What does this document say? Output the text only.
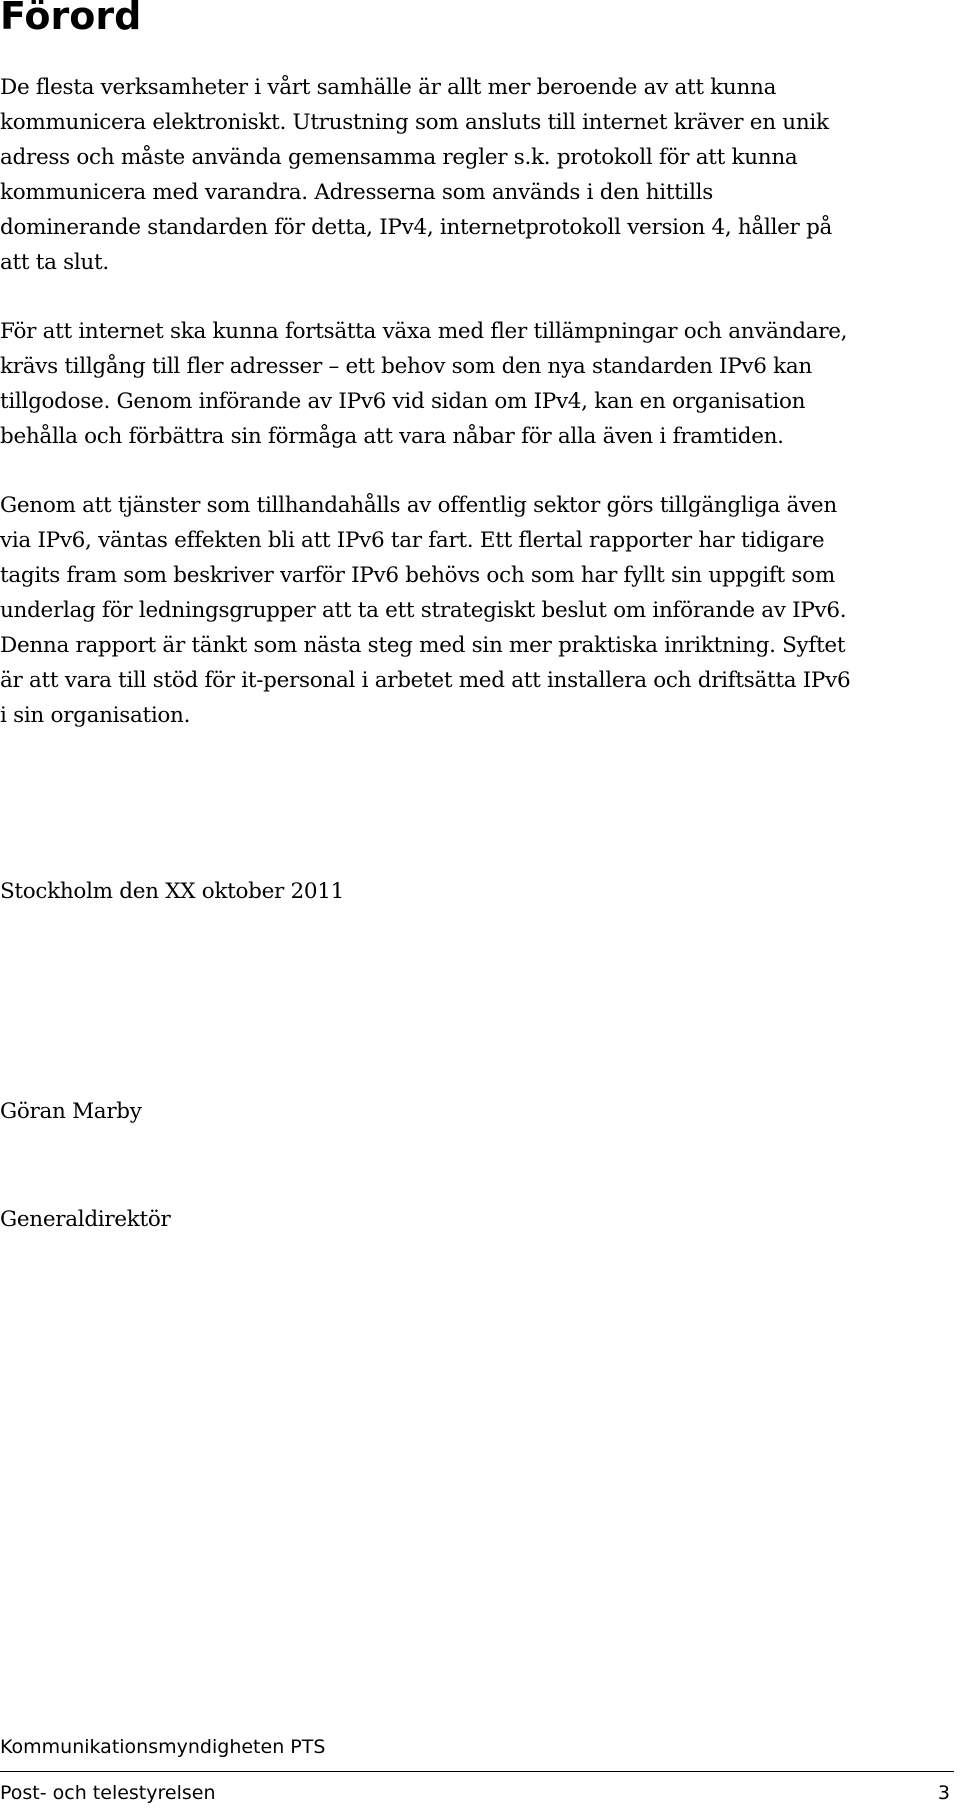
Förord
De flesta verksamheter i vårt samhälle är allt mer beroende av att kunna
kommunicera elektroniskt. Utrustning som ansluts till internet kräver en unik
adress och måste använda gemensamma regler s.k. protokoll för att kunna
kommunicera med varandra. Adresserna som används i den hittills
dominerande standarden för detta, IPv4, internetprotokoll version 4, håller på
att ta slut.
För att internet ska kunna fortsätta växa med fler tillämpningar och användare,
krävs tillgång till fler adresser – ett behov som den nya standarden IPv6 kan
tillgodose. Genom införande av IPv6 vid sidan om IPv4, kan en organisation
behålla och förbättra sin förmåga att vara nåbar för alla även i framtiden.
Genom att tjänster som tillhandahålls av offentlig sektor görs tillgängliga även
via IPv6, väntas effekten bli att IPv6 tar fart. Ett flertal rapporter har tidigare
tagits fram som beskriver varför IPv6 behövs och som har fyllt sin uppgift som
underlag för ledningsgrupper att ta ett strategiskt beslut om införande av IPv6.
Denna rapport är tänkt som nästa steg med sin mer praktiska inriktning. Syftet
är att vara till stöd för it-personal i arbetet med att installera och driftsätta IPv6
i sin organisation.

Stockholm den XX oktober 2011

Göran Marby

Generaldirektör

Kommunikationsmyndigheten PTS

Post- och telestyrelsen	3
